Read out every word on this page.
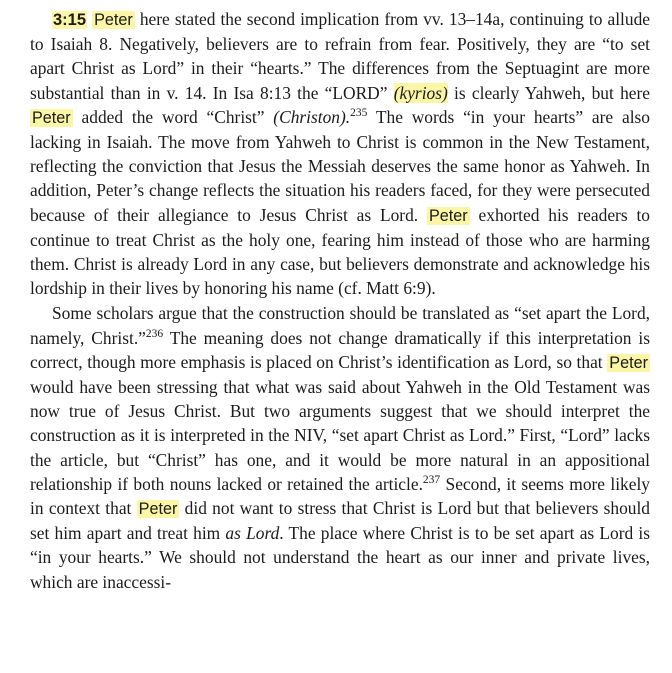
3:15 Peter here stated the second implication from vv. 13–14a, continuing to allude to Isaiah 8. Negatively, believers are to refrain from fear. Positively, they are “to set apart Christ as Lord” in their “hearts.” The differences from the Septuagint are more substantial than in v. 14. In Isa 8:13 the “LORD” (kyrios) is clearly Yahweh, but here Peter added the word “Christ” (Christon).$^{235}$ The words “in your hearts” are also lacking in Isaiah. The move from Yahweh to Christ is common in the New Testament, reflecting the conviction that Jesus the Messiah deserves the same honor as Yahweh. In addition, Peter’s change reflects the situation his readers faced, for they were persecuted because of their allegiance to Jesus Christ as Lord. Peter exhorted his readers to continue to treat Christ as the holy one, fearing him instead of those who are harming them. Christ is already Lord in any case, but believers demonstrate and acknowledge his lordship in their lives by honoring his name (cf. Matt 6:9).

Some scholars argue that the construction should be translated as “set apart the Lord, namely, Christ.”$^{236}$ The meaning does not change dramatically if this interpretation is correct, though more emphasis is placed on Christ’s identification as Lord, so that Peter would have been stressing that what was said about Yahweh in the Old Testament was now true of Jesus Christ. But two arguments suggest that we should interpret the construction as it is interpreted in the NIV, “set apart Christ as Lord.” First, “Lord” lacks the article, but “Christ” has one, and it would be more natural in an appositional relationship if both nouns lacked or retained the article.$^{237}$ Second, it seems more likely in context that Peter did not want to stress that Christ is Lord but that believers should set him apart and treat him as Lord. The place where Christ is to be set apart as Lord is “in your hearts.” We should not understand the heart as our inner and private lives, which are inaccessi-
